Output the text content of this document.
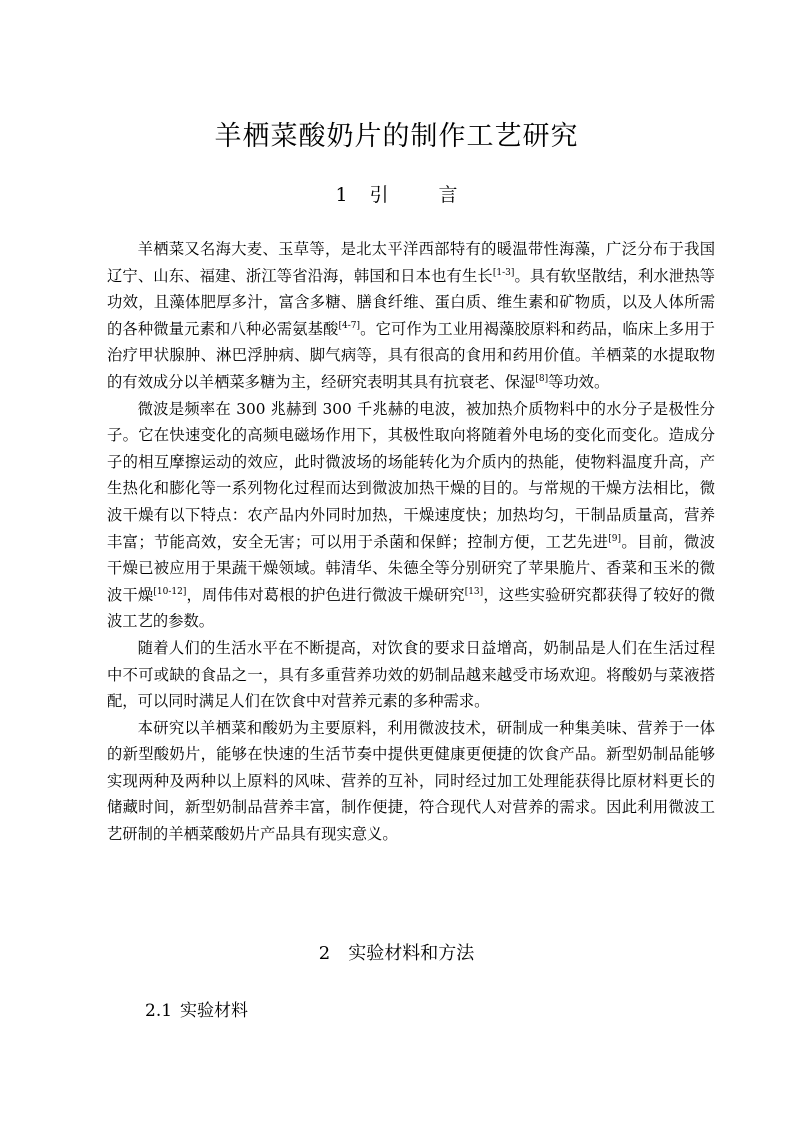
羊栖菜酸奶片的制作工艺研究
1 引	言

羊栖菜又名海大麦、玉草等，是北太平洋西部特有的暖温带性海藻，广泛分布于我国辽宁、山东、福建、浙江等省沿海，韩国和日本也有生长[1-3]。具有软坚散结，利水泄热等功效，且藻体肥厚多汁，富含多糖、膳食纤维、蛋白质、维生素和矿物质，以及人体所需的各种微量元素和八种必需氨基酸[4-7]。它可作为工业用褐藻胶原料和药品，临床上多用于治疗甲状腺肿、淋巴浮肿病、脚气病等，具有很高的食用和药用价值。羊栖菜的水提取物的有效成分以羊栖菜多糖为主，经研究表明其具有抗衰老、保湿[8]等功效。

微波是频率在 300 兆赫到 300 千兆赫的电波，被加热介质物料中的水分子是极性分子。它在快速变化的高频电磁场作用下，其极性取向将随着外电场的变化而变化。造成分子的相互摩擦运动的效应，此时微波场的场能转化为介质内的热能，使物料温度升高，产生热化和膨化等一系列物化过程而达到微波加热干燥的目的。与常规的干燥方法相比，微波干燥有以下特点：农产品内外同时加热，干燥速度快；加热均匀，干制品质量高，营养丰富；节能高效，安全无害；可以用于杀菌和保鲜；控制方便，工艺先进[9]。目前，微波干燥已被应用于果蔬干燥领域。韩清华、朱德全等分别研究了苹果脆片、香菜和玉米的微波干燥[10-12]，周伟伟对葛根的护色进行微波干燥研究[13]，这些实验研究都获得了较好的微波工艺的参数。

随着人们的生活水平在不断提高，对饮食的要求日益增高，奶制品是人们在生活过程中不可或缺的食品之一，具有多重营养功效的奶制品越来越受市场欢迎。将酸奶与菜液搭配，可以同时满足人们在饮食中对营养元素的多种需求。

本研究以羊栖菜和酸奶为主要原料，利用微波技术，研制成一种集美味、营养于一体的新型酸奶片，能够在快速的生活节奏中提供更健康更便捷的饮食产品。新型奶制品能够实现两种及两种以上原料的风味、营养的互补，同时经过加工处理能获得比原材料更长的储藏时间，新型奶制品营养丰富，制作便捷，符合现代人对营养的需求。因此利用微波工艺研制的羊栖菜酸奶片产品具有现实意义。

2 实验材料和方法
2.1 实验材料
